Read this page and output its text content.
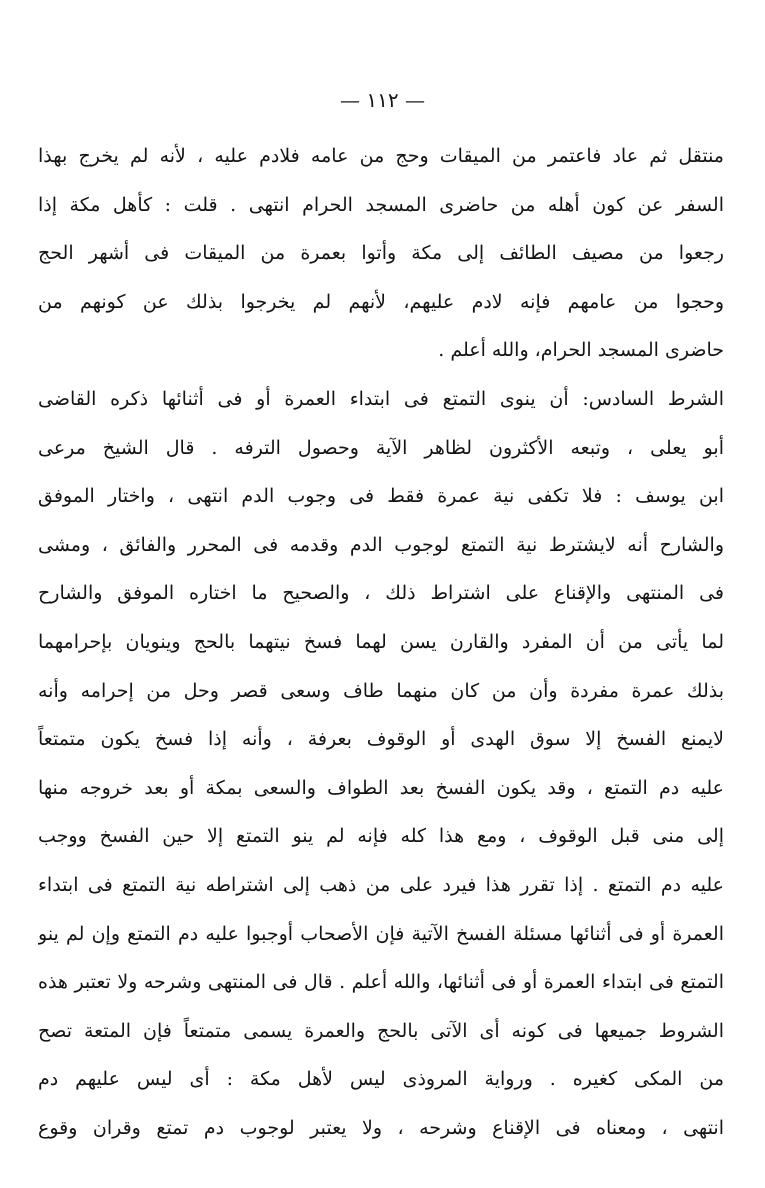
— ١١٢ —
منتقل ثم عاد فاعتمر من الميقات وحج من عامه فلادم عليه ، لأنه لم يخرج بهذا
السفر عن كون أهله من حاضرى المسجد الحرام انتهى . قلت : كأهل مكة إذا
رجعوا من مصيف الطائف إلى مكة وأتوا بعمرة من الميقات فى أشهر الحج
وحجوا من عامهم فإنه لادم عليهم، لأنهم لم يخرجوا بذلك عن كونهم من
حاضرى المسجد الحرام، والله أعلم .
الشرط السادس: أن ينوى التمتع فى ابتداء العمرة أو فى أثنائها ذكره القاضى
أبو يعلى ، وتبعه الأكثرون لظاهر الآية وحصول الترفه . قال الشيخ مرعى
ابن يوسف : فلا تكفى نية عمرة فقط فى وجوب الدم انتهى ، واختار الموفق
والشارح أنه لايشترط نية التمتع لوجوب الدم وقدمه فى المحرر والفائق ، ومشى
فى المنتهى والإقناع على اشتراط ذلك ، والصحيح ما اختاره الموفق والشارح
لما يأتى من أن المفرد والقارن يسن لهما فسخ نيتهما بالحج وينويان بإحرامهما
بذلك عمرة مفردة وأن من كان منهما طاف وسعى قصر وحل من إحرامه وأنه
لايمنع الفسخ إلا سوق الهدى أو الوقوف بعرفة ، وأنه إذا فسخ يكون متمتعاً
عليه دم التمتع ، وقد يكون الفسخ بعد الطواف والسعى بمكة أو بعد خروجه منها
إلى منى قبل الوقوف ، ومع هذا كله فإنه لم ينو التمتع إلا حين الفسخ ووجب
عليه دم التمتع . إذا تقرر هذا فيرد على من ذهب إلى اشتراطه نية التمتع فى ابتداء
العمرة أو فى أثنائها مسئلة الفسخ الآتية فإن الأصحاب أوجبوا عليه دم التمتع وإن لم ينو
التمتع فى ابتداء العمرة أو فى أثنائها، والله أعلم . قال فى المنتهى وشرحه ولا تعتبر هذه
الشروط جميعها فى كونه أى الآتى بالحج والعمرة يسمى متمتعاً فإن المتعة تصح
من المكى كغيره . ورواية المروذى ليس لأهل مكة : أى ليس عليهم دم
انتهى ، ومعناه فى الإقناع وشرحه ، ولا يعتبر لوجوب دم تمتع وقران وقوع
